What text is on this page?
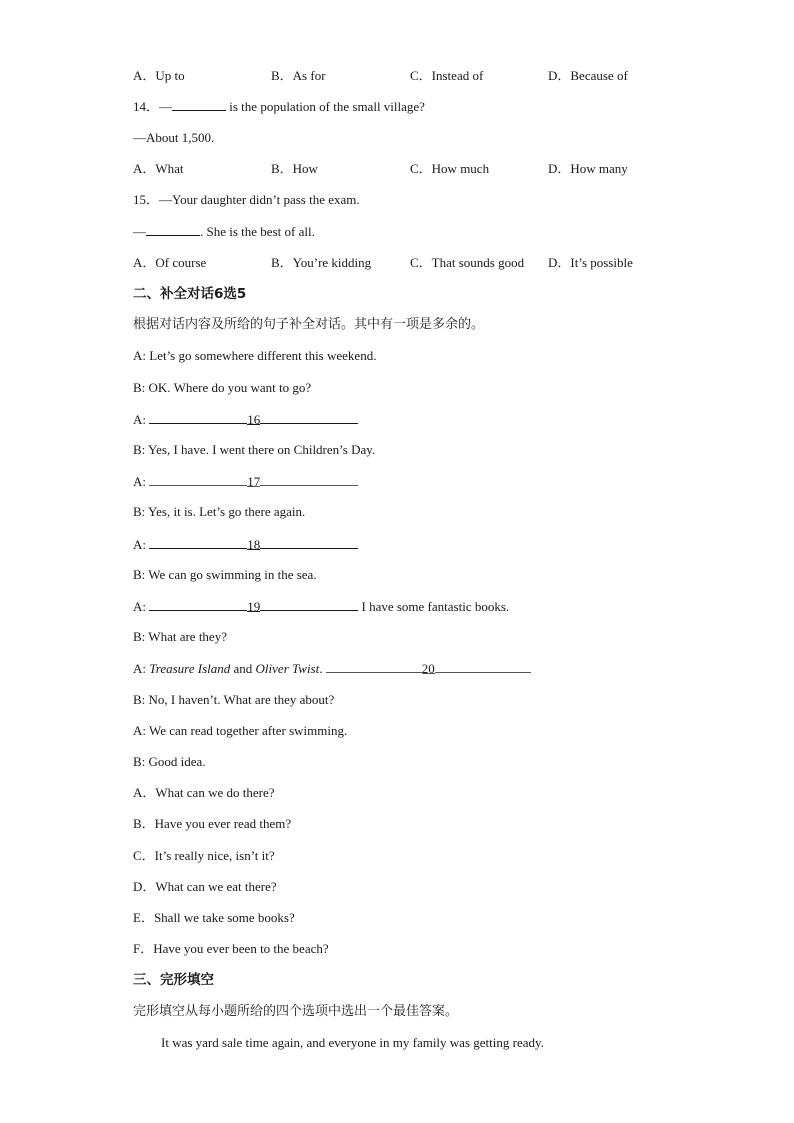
A．Up to	B．As for	C．Instead of	D．Because of
14．—	is the population of the small village?
—About 1,500.
A．What	B．How	C．How much	D．How many
15．—Your daughter didn’t pass the exam.
—	. She is the best of all.
A．Of course	B．You’re kidding	C．That sounds good D．It’s possible
二、补全对话6选5
根据对话内容及所给的句子补全对话。其中有一项是多余的。
A: Let’s go somewhere different this weekend.
B: OK. Where do you want to go?
A:	16
B: Yes, I have. I went there on Children’s Day.
A:	17
B: Yes, it is. Let’s go there again.
A:	18
B: We can go swimming in the sea.
A:	19	I have some fantastic books.
B: What are they?
A: Treasure Island and Oliver Twist.	20
B: No, I haven’t. What are they about?
A: We can read together after swimming.
B: Good idea.
A．What can we do there?
B．Have you ever read them?
C．It’s really nice, isn’t it?
D．What can we eat there?
E．Shall we take some books?
F．Have you ever been to the beach?
三、完形填空
完形填空从每小题所给的四个选项中选出一个最佳答案。
It was yard sale time again, and everyone in my family was getting ready.
